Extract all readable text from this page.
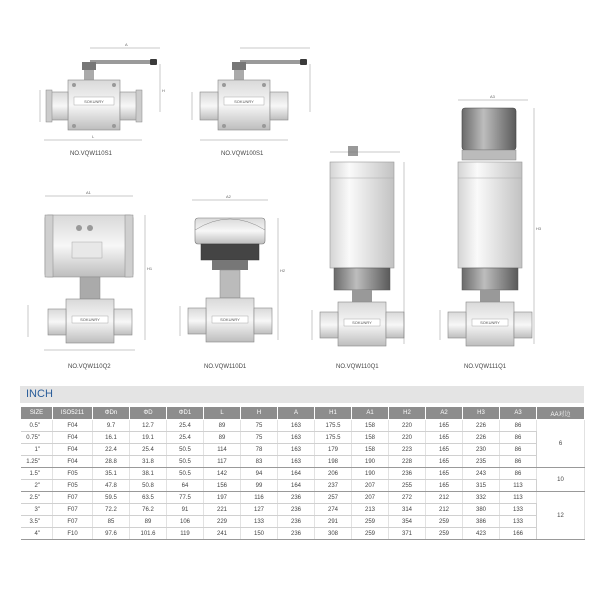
SOKUNRY
A
H
L
SOKUNRY
SOKUNRY
A1
H1
SOKUNRY
A2
H2
SOKUNRY	SOKUNRY
H3
A3
NO.VQW110S1	NO.VQW100S1
NO.VQW110Q2	NO.VQW110D1	NO.VQW110Q1	NO.VQW111Q1
INCH
SIZE	ISO5211	ΦDn	ΦD	ΦD1	L	H	A	H1	A1	H2	A2	H3	A3	AA对边
0.5"	F04	9.7	12.7	25.4	89	75	163	175.5	158	220	165	226	86	6
0.75"	F04	16.1	19.1	25.4	89	75	163	175.5	158	220	165	226	86	
1"	F04	22.4	25.4	50.5	114	78	163	179	158	223	165	230	86	
1.25"	F04	28.8	31.8	50.5	117	83	163	198	190	228	165	235	86	
1.5"	F05	35.1	38.1	50.5	142	94	164	206	190	236	165	243	86	10
2"	F05	47.8	50.8	64	156	99	164	237	207	255	165	315	113	
2.5"	F07	59.5	63.5	77.5	197	116	236	257	207	272	212	332	113	12
3"	F07	72.2	76.2	91	221	127	236	274	213	314	212	380	133	
3.5"	F07	85	89	106	229	133	236	291	259	354	259	386	133	
4"	F10	97.6	101.6	119	241	150	236	308	259	371	259	423	166	
